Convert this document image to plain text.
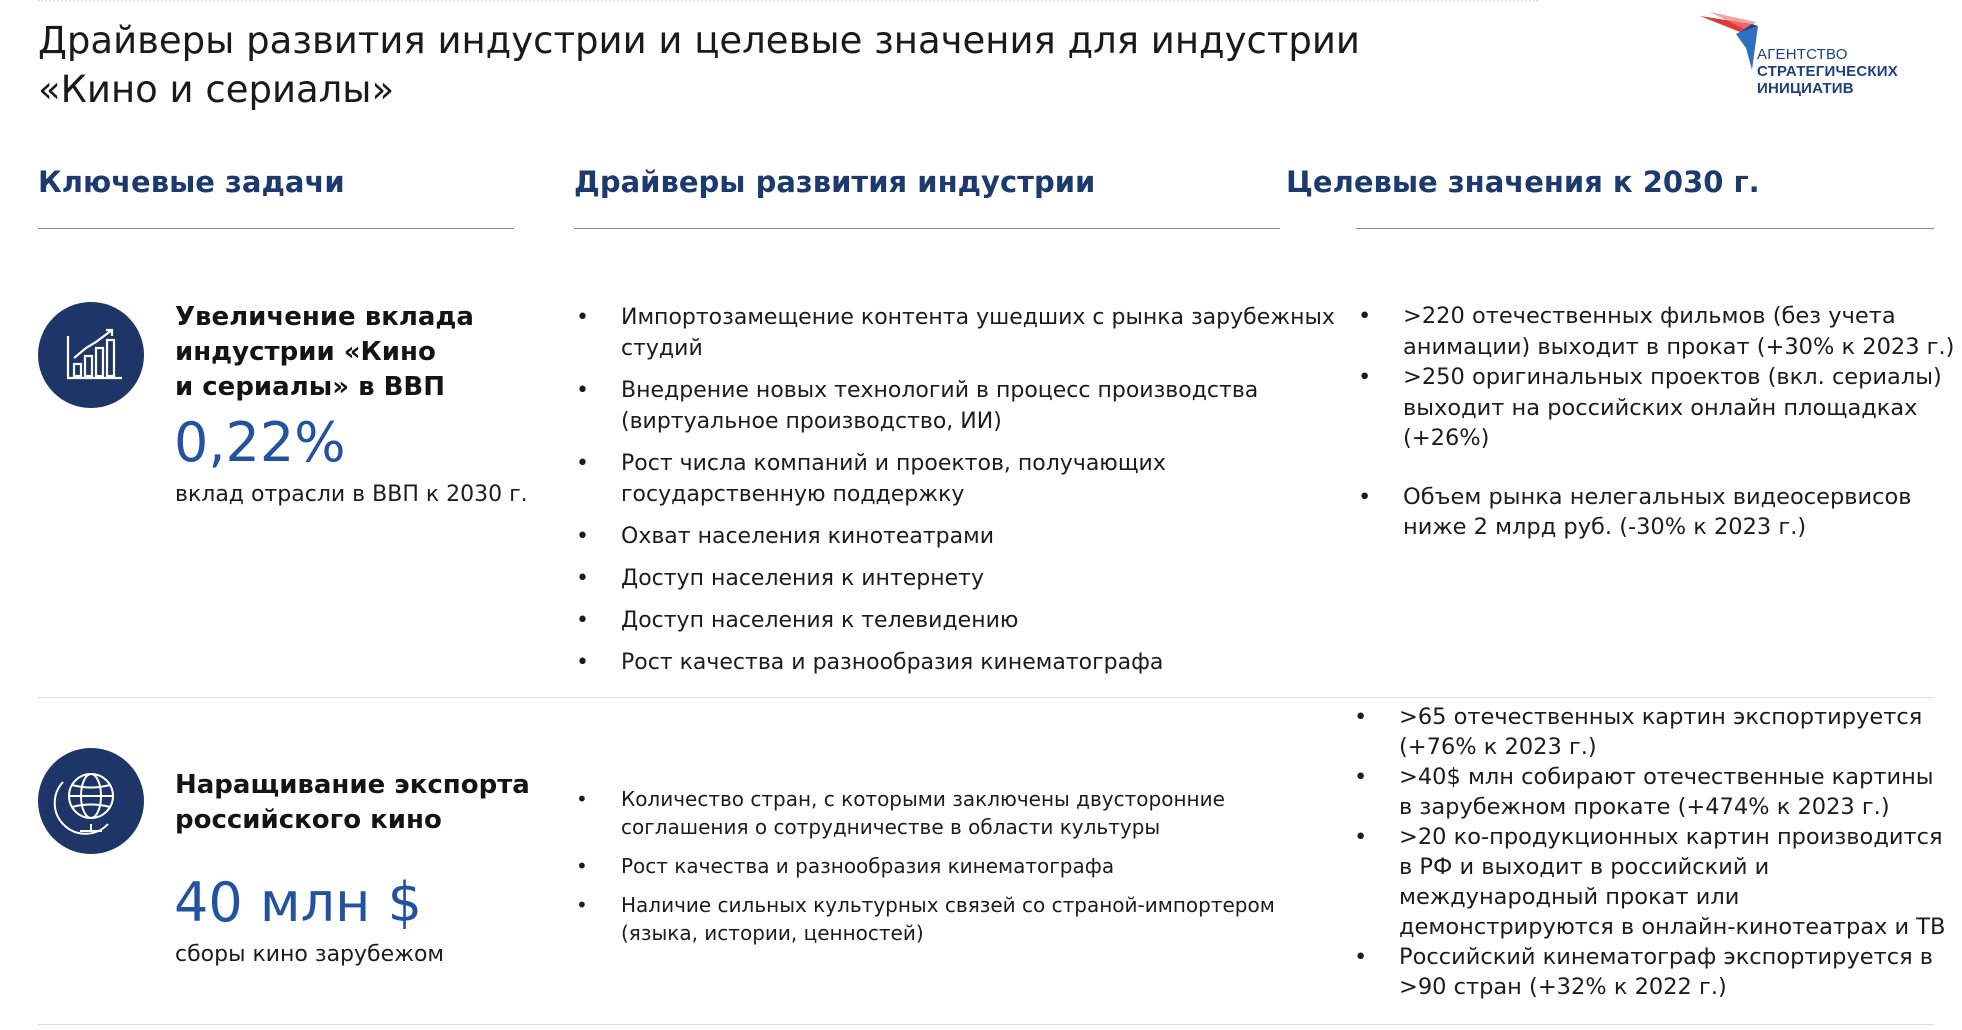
Драйверы развития индустрии и целевые значения для индустрии
«Кино и сериалы»
АГЕНТСТВО
СТРАТЕГИЧЕСКИХ
ИНИЦИАТИВ
Ключевые задачи	Драйверы развития индустрии	Целевые значения к 2030 г.
Увеличение вклада
индустрии «Кино
и сериалы» в ВВП
0,22%
вклад отрасли в ВВП к 2030 г.
• Импортозамещение контента ушедших с рынка зарубежных студий
• Внедрение новых технологий в процесс производства (виртуальное производство, ИИ)
• Рост числа компаний и проектов, получающих государственную поддержку
• Охват населения кинотеатрами
• Доступ населения к интернету
• Доступ населения к телевидению
• Рост качества и разнообразия кинематографа
• >220 отечественных фильмов (без учета анимации) выходит в прокат (+30% к 2023 г.)
• >250 оригинальных проектов (вкл. сериалы) выходит на российских онлайн площадках (+26%)
• Объем рынка нелегальных видеосервисов ниже 2 млрд руб. (-30% к 2023 г.)
Наращивание экспорта
российского кино
40 млн $
сборы кино зарубежом
• Количество стран, с которыми заключены двусторонние соглашения о сотрудничестве в области культуры
• Рост качества и разнообразия кинематографа
• Наличие сильных культурных связей со страной-импортером (языка, истории, ценностей)
• >65 отечественных картин экспортируется (+76% к 2023 г.)
• >40$ млн собирают отечественные картины в зарубежном прокате (+474% к 2023 г.)
• >20 ко-продукционных картин производится в РФ и выходит в российский и международный прокат или демонстрируются в онлайн-кинотеатрах и ТВ
• Российский кинематограф экспортируется в >90 стран (+32% к 2022 г.)
